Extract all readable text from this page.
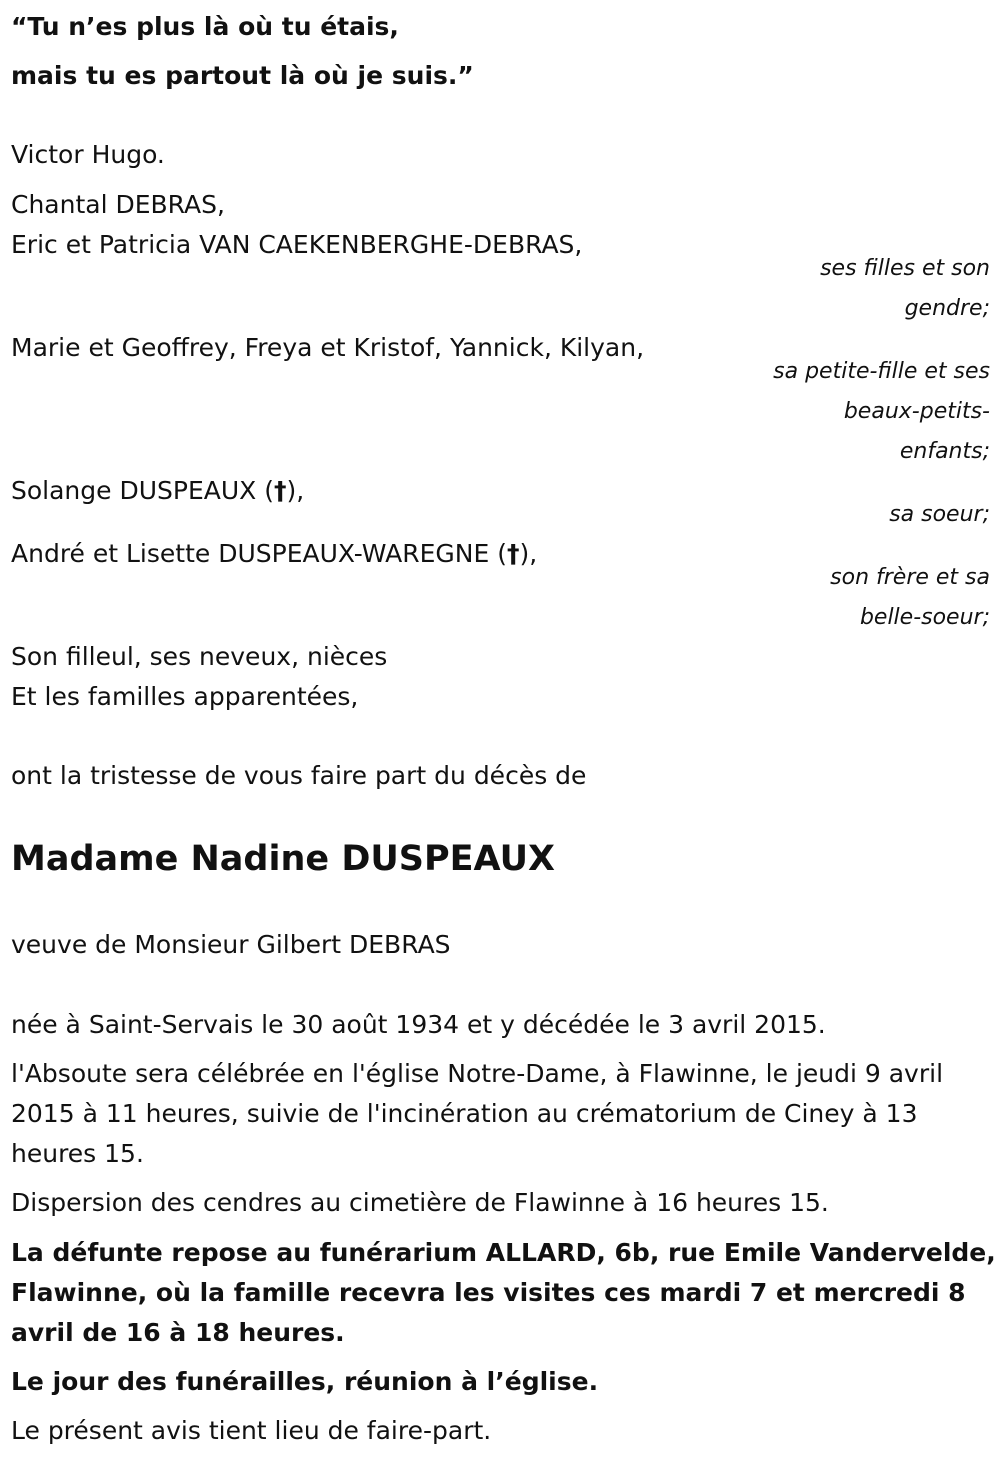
“Tu n’es plus là où tu étais,

mais tu es partout là où je suis.”

Victor Hugo.

Chantal DEBRAS,

Eric et Patricia VAN CAEKENBERGHE-DEBRAS,

ses filles et son

gendre;

Marie et Geoffrey, Freya et Kristof, Yannick, Kilyan,

sa petite-fille et ses

beaux-petits-

enfants;

Solange DUSPEAUX (†),

sa soeur;

André et Lisette DUSPEAUX-WAREGNE (†),

son frère et sa

belle-soeur;

Son filleul, ses neveux, nièces

Et les familles apparentées,

ont la tristesse de vous faire part du décès de

Madame Nadine DUSPEAUX

veuve de Monsieur Gilbert DEBRAS

née à Saint-Servais le 30 août 1934 et y décédée le 3 avril 2015.

l'Absoute sera célébrée en l'église Notre-Dame, à Flawinne, le jeudi 9 avril

2015 à 11 heures, suivie de l'incinération au crématorium de Ciney à 13

heures 15.

Dispersion des cendres au cimetière de Flawinne à 16 heures 15.

La défunte repose au funérarium ALLARD, 6b, rue Emile Vandervelde,

Flawinne, où la famille recevra les visites ces mardi 7 et mercredi 8

avril de 16 à 18 heures.

Le jour des funérailles, réunion à l’église.

Le présent avis tient lieu de faire-part.
